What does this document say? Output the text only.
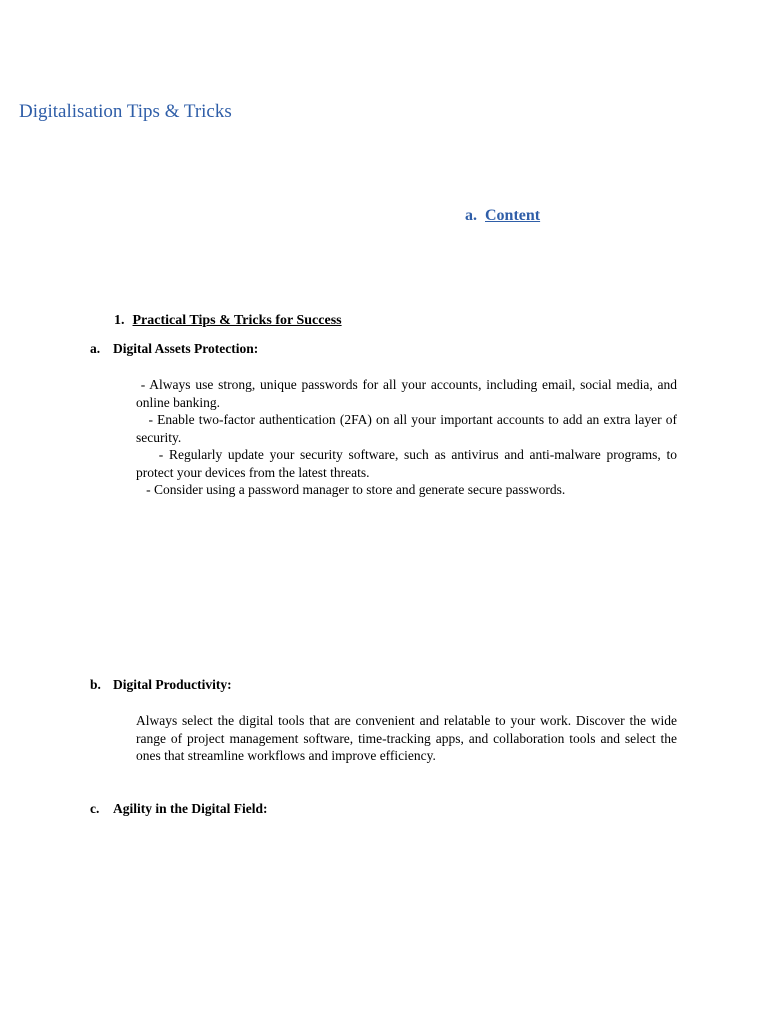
Digitalisation Tips & Tricks
a. Content
1. Practical Tips & Tricks for Success
a. Digital Assets Protection:

- Always use strong, unique passwords for all your accounts, including email, social media, and online banking.

- Enable two-factor authentication (2FA) on all your important accounts to add an extra layer of security.

- Regularly update your security software, such as antivirus and anti-malware programs, to protect your devices from the latest threats.

- Consider using a password manager to store and generate secure passwords.

b. Digital Productivity:

Always select the digital tools that are convenient and relatable to your work. Discover the wide range of project management software, time-tracking apps, and collaboration tools and select the ones that streamline workflows and improve efficiency.

c. Agility in the Digital Field:
